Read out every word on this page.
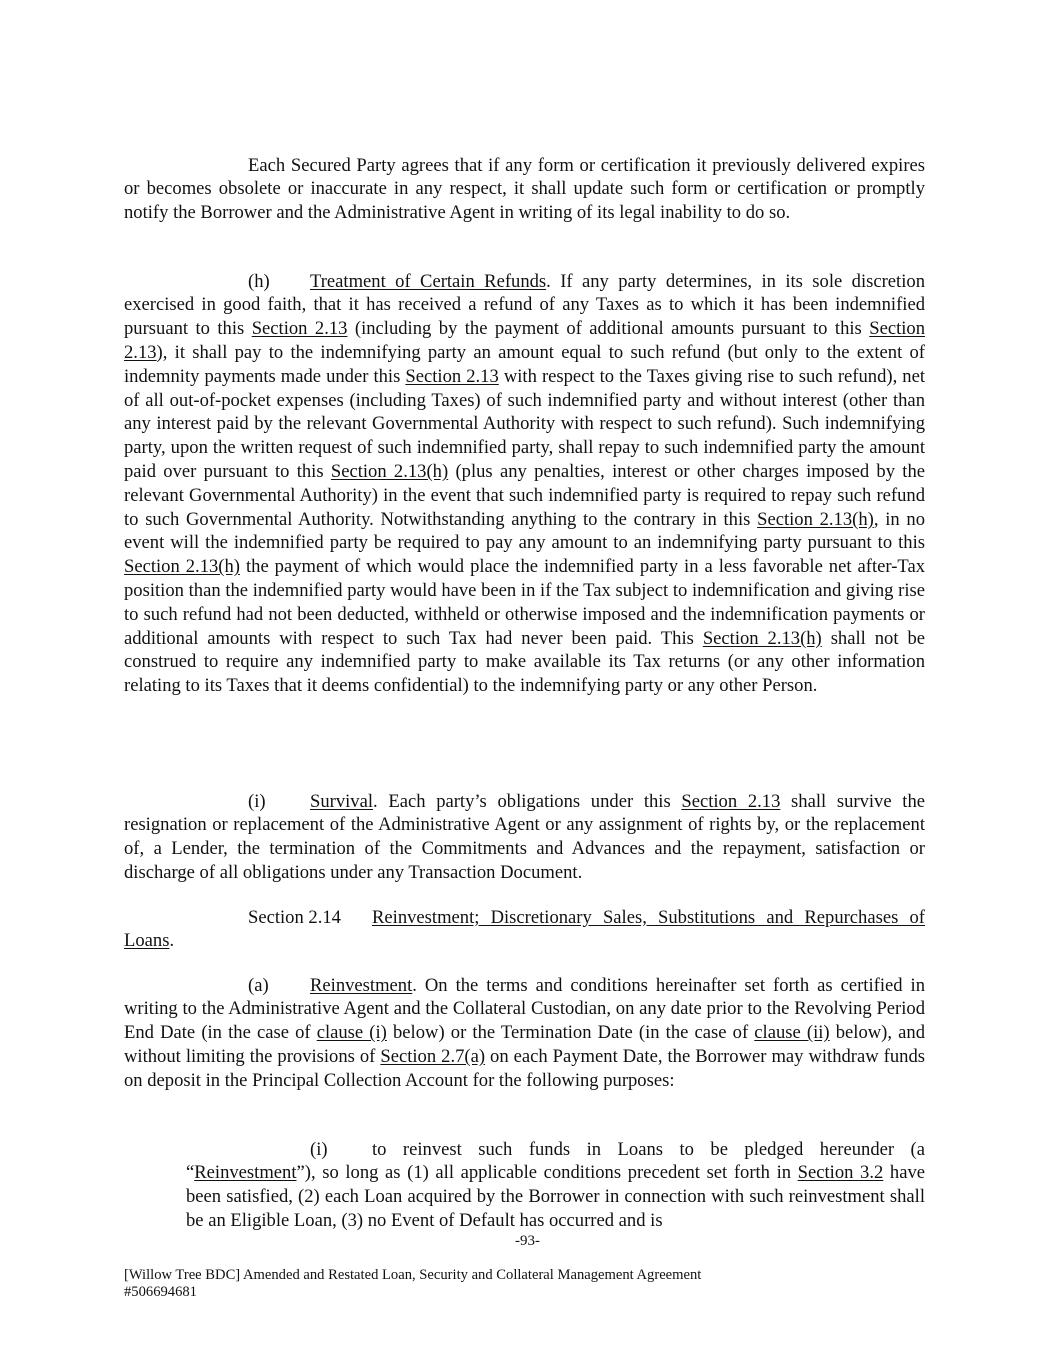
Each Secured Party agrees that if any form or certification it previously delivered expires or becomes obsolete or inaccurate in any respect, it shall update such form or certification or promptly notify the Borrower and the Administrative Agent in writing of its legal inability to do so.

(h) Treatment of Certain Refunds. If any party determines, in its sole discretion exercised in good faith, that it has received a refund of any Taxes as to which it has been indemnified pursuant to this Section 2.13 (including by the payment of additional amounts pursuant to this Section 2.13), it shall pay to the indemnifying party an amount equal to such refund (but only to the extent of indemnity payments made under this Section 2.13 with respect to the Taxes giving rise to such refund), net of all out-of-pocket expenses (including Taxes) of such indemnified party and without interest (other than any interest paid by the relevant Governmental Authority with respect to such refund). Such indemnifying party, upon the written request of such indemnified party, shall repay to such indemnified party the amount paid over pursuant to this Section 2.13(h) (plus any penalties, interest or other charges imposed by the relevant Governmental Authority) in the event that such indemnified party is required to repay such refund to such Governmental Authority. Notwithstanding anything to the contrary in this Section 2.13(h), in no event will the indemnified party be required to pay any amount to an indemnifying party pursuant to this Section 2.13(h) the payment of which would place the indemnified party in a less favorable net after-Tax position than the indemnified party would have been in if the Tax subject to indemnification and giving rise to such refund had not been deducted, withheld or otherwise imposed and the indemnification payments or additional amounts with respect to such Tax had never been paid. This Section 2.13(h) shall not be construed to require any indemnified party to make available its Tax returns (or any other information relating to its Taxes that it deems confidential) to the indemnifying party or any other Person.

(i) Survival. Each party’s obligations under this Section 2.13 shall survive the resignation or replacement of the Administrative Agent or any assignment of rights by, or the replacement of, a Lender, the termination of the Commitments and Advances and the repayment, satisfaction or discharge of all obligations under any Transaction Document.

Section 2.14 Reinvestment; Discretionary Sales, Substitutions and Repurchases of Loans.

(a) Reinvestment. On the terms and conditions hereinafter set forth as certified in writing to the Administrative Agent and the Collateral Custodian, on any date prior to the Revolving Period End Date (in the case of clause (i) below) or the Termination Date (in the case of clause (ii) below), and without limiting the provisions of Section 2.7(a) on each Payment Date, the Borrower may withdraw funds on deposit in the Principal Collection Account for the following purposes:

(i) to reinvest such funds in Loans to be pledged hereunder (a “Reinvestment”), so long as (1) all applicable conditions precedent set forth in Section 3.2 have been satisfied, (2) each Loan acquired by the Borrower in connection with such reinvestment shall be an Eligible Loan, (3) no Event of Default has occurred and is

-93-
[Willow Tree BDC] Amended and Restated Loan, Security and Collateral Management Agreement
#506694681
